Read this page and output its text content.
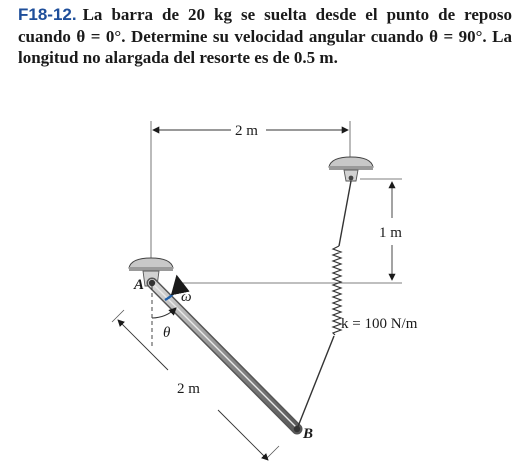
F18-12. La barra de 20 kg se suelta desde el punto de reposo cuando θ = 0°. Determine su velocidad angular cuando θ = 90°. La longitud no alargada del resorte es de 0.5 m.
2 m
1 m
θ
ω
A
B
k = 100 N/m
2 m
